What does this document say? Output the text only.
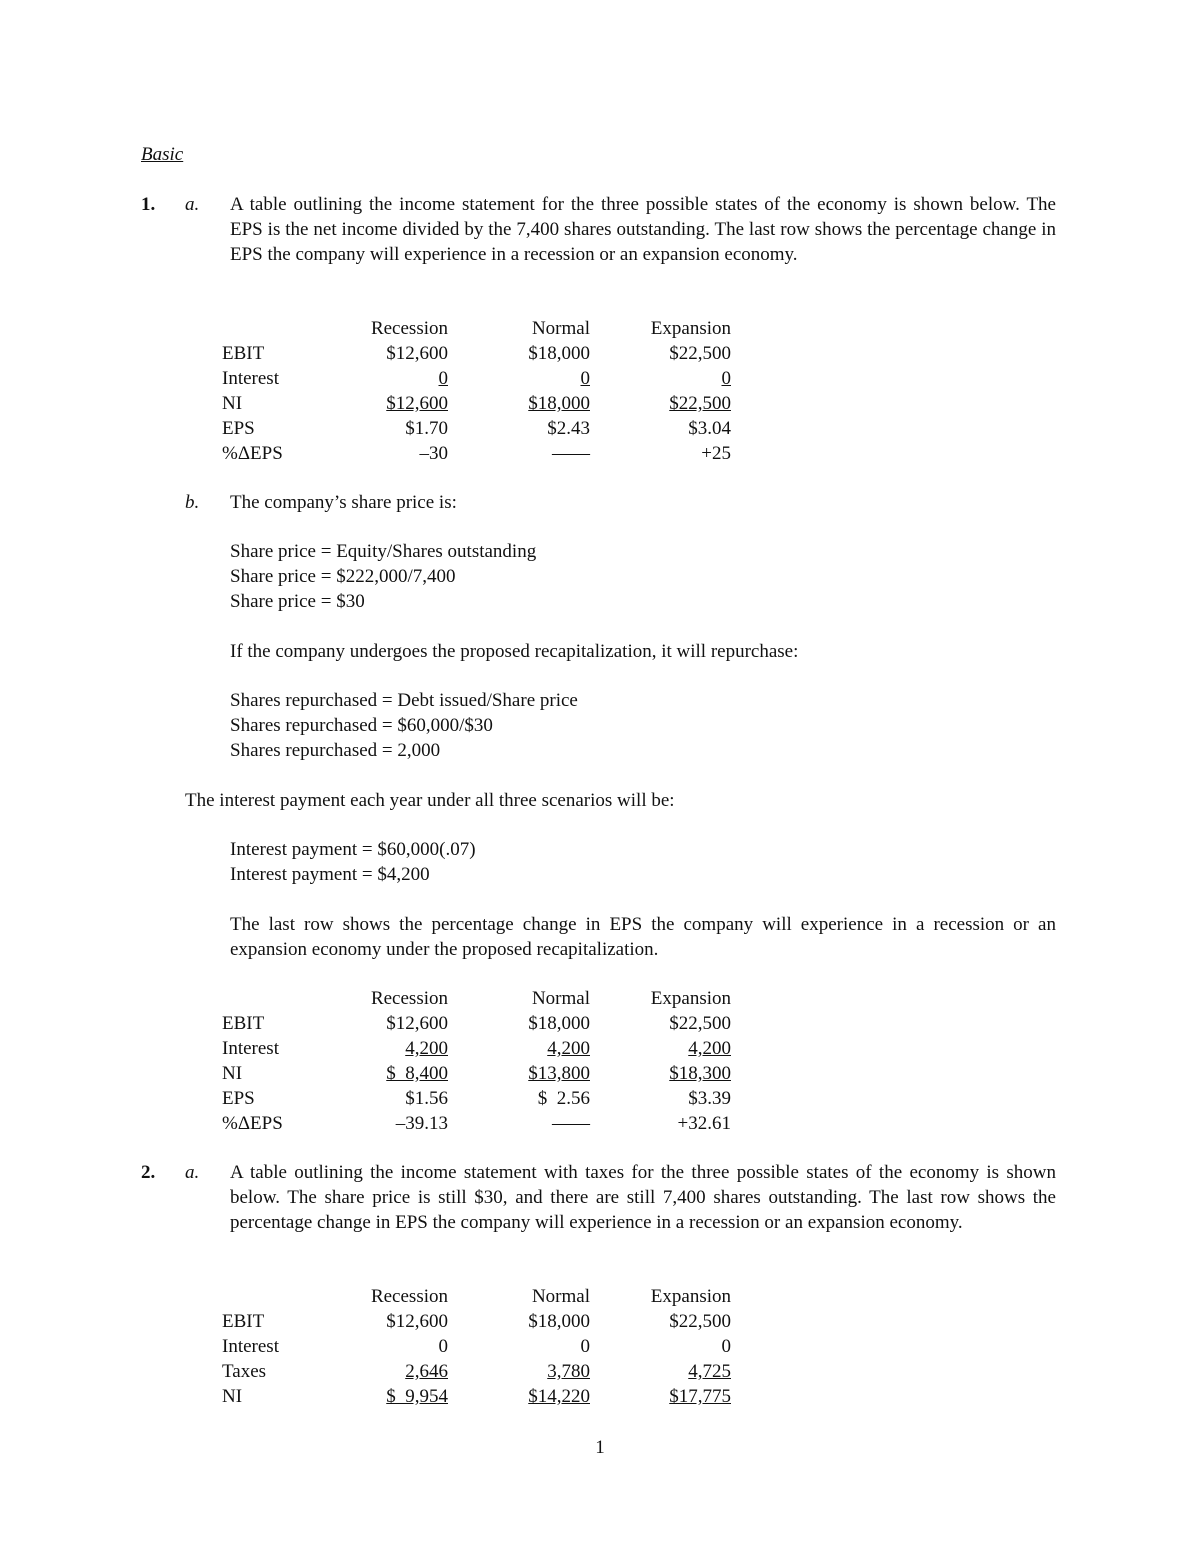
Basic
1. a. A table outlining the income statement for the three possible states of the economy is shown below. The EPS is the net income divided by the 7,400 shares outstanding. The last row shows the percentage change in EPS the company will experience in a recession or an expansion economy.
	Recession	Normal	Expansion
EBIT	$12,600	$18,000	$22,500
Interest	0	0	0
NI	$12,600	$18,000	$22,500
EPS	$1.70	$2.43	$3.04
%ΔEPS	–30	——	+25
b. The company’s share price is:
Share price = Equity/Shares outstanding
Share price = $222,000/7,400
Share price = $30
If the company undergoes the proposed recapitalization, it will repurchase:
Shares repurchased = Debt issued/Share price
Shares repurchased = $60,000/$30
Shares repurchased = 2,000
The interest payment each year under all three scenarios will be:
Interest payment = $60,000(.07)
Interest payment = $4,200
The last row shows the percentage change in EPS the company will experience in a recession or an expansion economy under the proposed recapitalization.
	Recession	Normal	Expansion
EBIT	$12,600	$18,000	$22,500
Interest	4,200	4,200	4,200
NI	$  8,400	$13,800	$18,300
EPS	$1.56	$  2.56	$3.39
%ΔEPS	–39.13	——	+32.61
2. a. A table outlining the income statement with taxes for the three possible states of the economy is shown below. The share price is still $30, and there are still 7,400 shares outstanding. The last row shows the percentage change in EPS the company will experience in a recession or an expansion economy.
	Recession	Normal	Expansion
EBIT	$12,600	$18,000	$22,500
Interest	0	0	0
Taxes	2,646	3,780	4,725
NI	$  9,954	$14,220	$17,775
1
